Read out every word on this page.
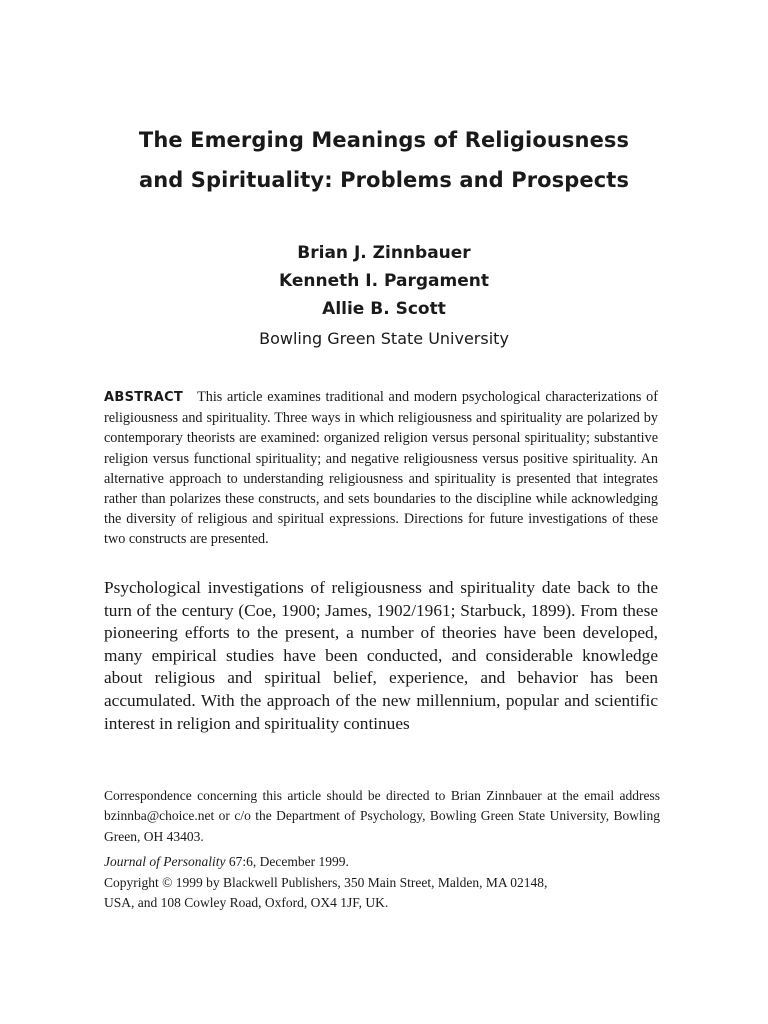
The Emerging Meanings of Religiousness
and Spirituality: Problems and Prospects
Brian J. Zinnbauer
Kenneth I. Pargament
Allie B. Scott
Bowling Green State University
ABSTRACT This article examines traditional and modern psychological characterizations of religiousness and spirituality. Three ways in which religiousness and spirituality are polarized by contemporary theorists are examined: organized religion versus personal spirituality; substantive religion versus functional spirituality; and negative religiousness versus positive spirituality. An alternative approach to understanding religiousness and spirituality is presented that integrates rather than polarizes these constructs, and sets boundaries to the discipline while acknowledging the diversity of religious and spiritual expressions. Directions for future investigations of these two constructs are presented.
Psychological investigations of religiousness and spirituality date back to the turn of the century (Coe, 1900; James, 1902/1961; Starbuck, 1899). From these pioneering efforts to the present, a number of theories have been developed, many empirical studies have been conducted, and considerable knowledge about religious and spiritual belief, experience, and behavior has been accumulated. With the approach of the new millennium, popular and scientific interest in religion and spirituality continues

Correspondence concerning this article should be directed to Brian Zinnbauer at the email address bzinnba@choice.net or c/o the Department of Psychology, Bowling Green State University, Bowling Green, OH 43403.

Journal of Personality 67:6, December 1999.

Copyright © 1999 by Blackwell Publishers, 350 Main Street, Malden, MA 02148,

USA, and 108 Cowley Road, Oxford, OX4 1JF, UK.
